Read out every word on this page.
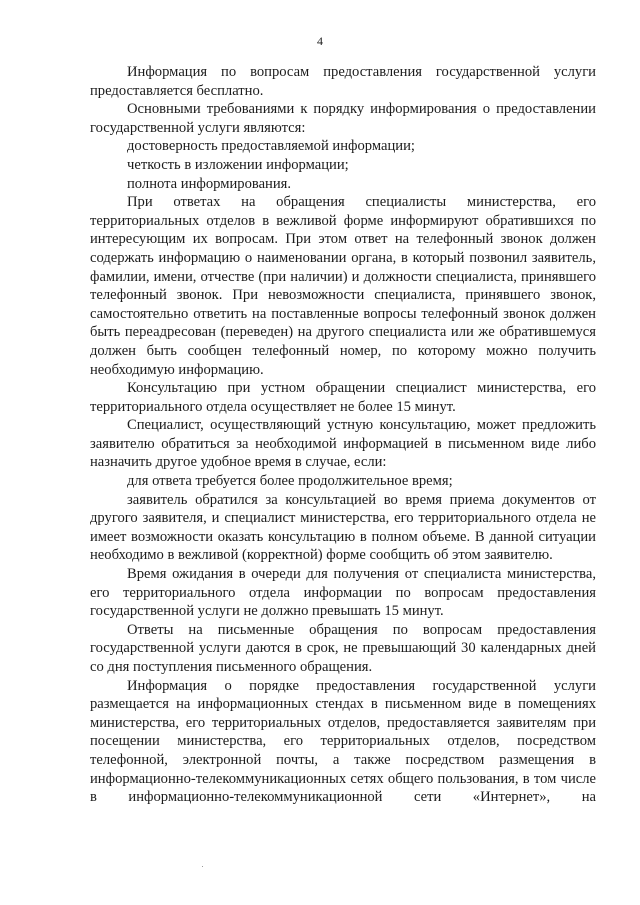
4

Информация по вопросам предоставления государственной услуги предоставляется бесплатно.

Основными требованиями к порядку информирования о предоставлении государственной услуги являются:

достоверность предоставляемой информации;

четкость в изложении информации;

полнота информирования.

При ответах на обращения специалисты министерства, его территориальных отделов в вежливой форме информируют обратившихся по интересующим их вопросам. При этом ответ на телефонный звонок должен содержать информацию о наименовании органа, в который позвонил заявитель, фамилии, имени, отчестве (при наличии) и должности специалиста, принявшего телефонный звонок. При невозможности специалиста, принявшего звонок, самостоятельно ответить на поставленные вопросы телефонный звонок должен быть переадресован (переведен) на другого специалиста или же обратившемуся должен быть сообщен телефонный номер, по которому можно получить необходимую информацию.

Консультацию при устном обращении специалист министерства, его территориального отдела осуществляет не более 15 минут.

Специалист, осуществляющий устную консультацию, может предложить заявителю обратиться за необходимой информацией в письменном виде либо назначить другое удобное время в случае, если:

для ответа требуется более продолжительное время;

заявитель обратился за консультацией во время приема документов от другого заявителя, и специалист министерства, его территориального отдела не имеет возможности оказать консультацию в полном объеме. В данной ситуации необходимо в вежливой (корректной) форме сообщить об этом заявителю.

Время ожидания в очереди для получения от специалиста министерства, его территориального отдела информации по вопросам предоставления государственной услуги не должно превышать 15 минут.

Ответы на письменные обращения по вопросам предоставления государственной услуги даются в срок, не превышающий 30 календарных дней со дня поступления письменного обращения.

Информация о порядке предоставления государственной услуги размещается на информационных стендах в письменном виде в помещениях министерства, его территориальных отделов, предоставляется заявителям при посещении министерства, его территориальных отделов, посредством телефонной, электронной почты, а также посредством размещения в информационно-телекоммуникационных сетях общего пользования, в том числе в информационно-телекоммуникационной сети «Интернет», на
